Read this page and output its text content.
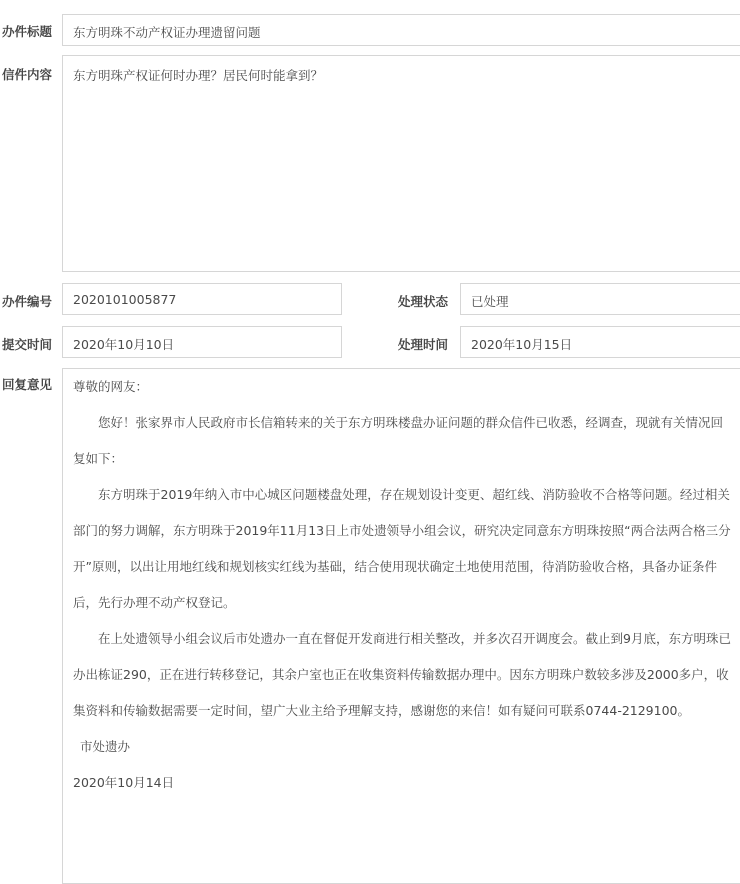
办件标题 东方明珠不动产权证办理遗留问题
信件内容 东方明珠产权证何时办理？居民何时能拿到？
办件编号 2020101005877	处理状态 已处理
提交时间 2020年10月10日	处理时间 2020年10月15日
回复意见 尊敬的网友：

您好！张家界市人民政府市长信箱转来的关于东方明珠楼盘办证问题的群众信件已收悉，经调查，现就有关情况回复如下：

东方明珠于2019年纳入市中心城区问题楼盘处理，存在规划设计变更、超红线、消防验收不合格等问题。经过相关部门的努力调解，东方明珠于2019年11月13日上市处遗领导小组会议，研究决定同意东方明珠按照“两合法两合格三分开”原则，以出让用地红线和规划核实红线为基础，结合使用现状确定土地使用范围，待消防验收合格，具备办证条件后，先行办理不动产权登记。

在上处遗领导小组会议后市处遗办一直在督促开发商进行相关整改，并多次召开调度会。截止到9月底，东方明珠已办出栋证290，正在进行转移登记，其余户室也正在收集资料传输数据办理中。因东方明珠户数较多涉及2000多户，收集资料和传输数据需要一定时间，望广大业主给予理解支持，感谢您的来信！如有疑问可联系0744-2129100。

市处遗办

2020年10月14日
